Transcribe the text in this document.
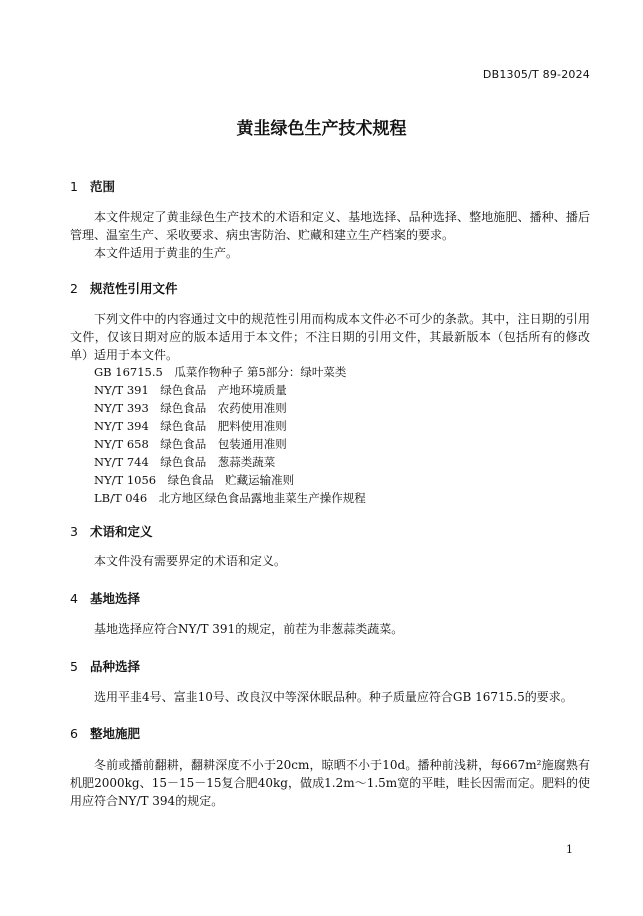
DB1305/T 89-2024
黄韭绿色生产技术规程
1 范围
本文件规定了黄韭绿色生产技术的术语和定义、基地选择、品种选择、整地施肥、播种、播后管理、温室生产、采收要求、病虫害防治、贮藏和建立生产档案的要求。
本文件适用于黄韭的生产。
2 规范性引用文件
下列文件中的内容通过文中的规范性引用而构成本文件必不可少的条款。其中，注日期的引用文件，仅该日期对应的版本适用于本文件；不注日期的引用文件，其最新版本（包括所有的修改单）适用于本文件。
GB 16715.5　瓜菜作物种子 第5部分：绿叶菜类
NY/T 391　绿色食品　产地环境质量
NY/T 393　绿色食品　农药使用准则
NY/T 394　绿色食品　肥料使用准则
NY/T 658　绿色食品　包装通用准则
NY/T 744　绿色食品　葱蒜类蔬菜
NY/T 1056　绿色食品　贮藏运输准则
LB/T 046　北方地区绿色食品露地韭菜生产操作规程
3 术语和定义
本文件没有需要界定的术语和定义。
4 基地选择
基地选择应符合NY/T 391的规定，前茬为非葱蒜类蔬菜。
5 品种选择
选用平韭4号、富韭10号、改良汉中等深休眠品种。种子质量应符合GB 16715.5的要求。
6 整地施肥
冬前或播前翻耕，翻耕深度不小于20cm，晾晒不小于10d。播种前浅耕，每667m²施腐熟有机肥2000kg、15－15－15复合肥40kg，做成1.2m～1.5m宽的平畦，畦长因需而定。肥料的使用应符合NY/T 394的规定。
1
